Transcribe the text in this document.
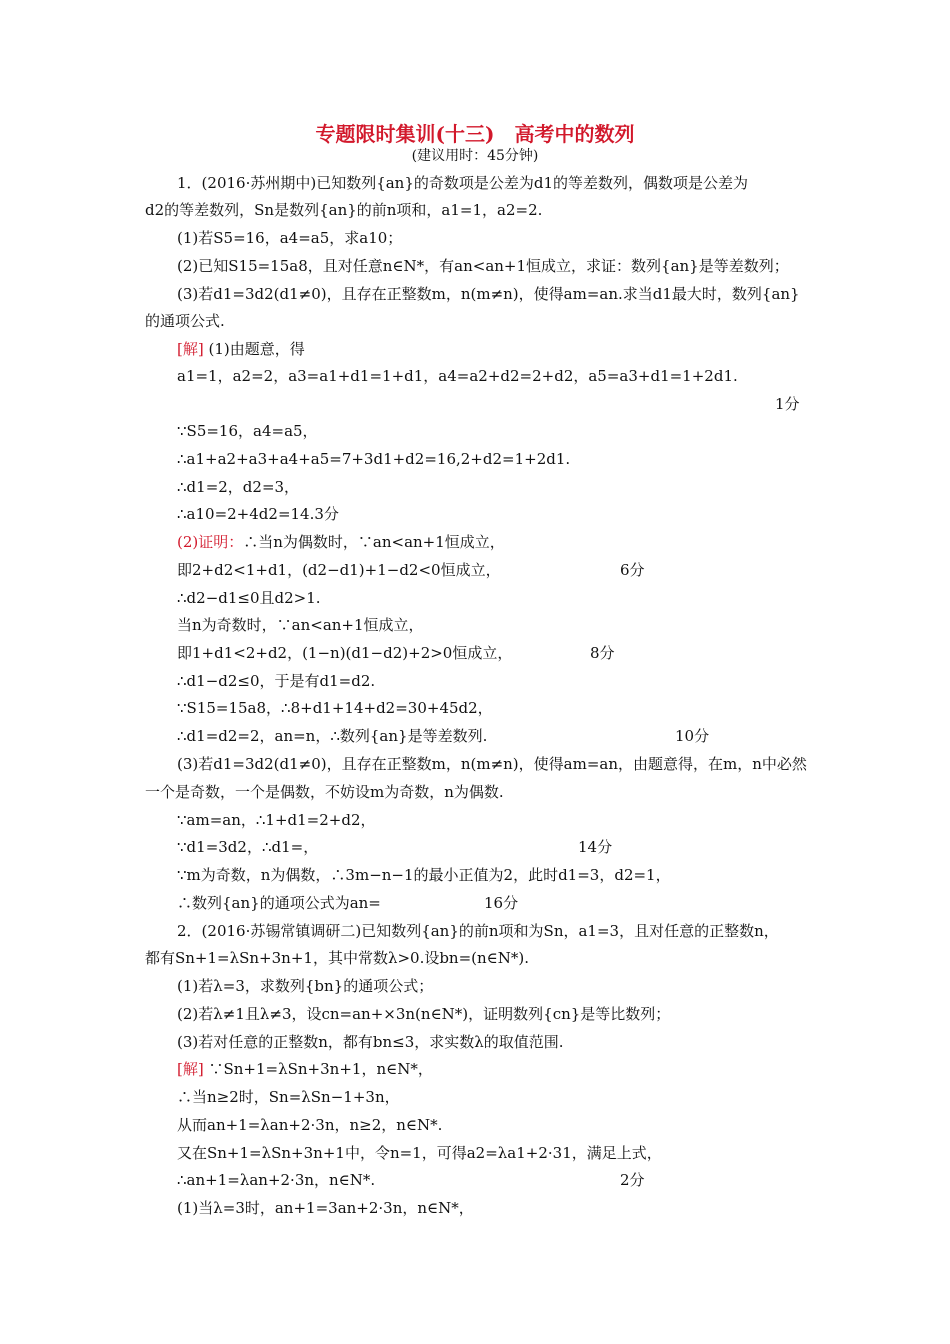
专题限时集训(十三)　高考中的数列
(建议用时：45分钟)
1．(2016·苏州期中)已知数列{an}的奇数项是公差为d1的等差数列，偶数项是公差为
d2的等差数列，Sn是数列{an}的前n项和，a1=1，a2=2.
(1)若S5=16，a4=a5，求a10；
(2)已知S15=15a8，且对任意n∈N*，有an<an+1恒成立，求证：数列{an}是等差数列；
(3)若d1=3d2(d1≠0)，且存在正整数m，n(m≠n)，使得am=an.求当d1最大时，数列{an}
的通项公式.
[解] (1)由题意，得
a1=1，a2=2，a3=a1+d1=1+d1，a4=a2+d2=2+d2，a5=a3+d1=1+2d1.
1分
∵S5=16，a4=a5，
∴a1+a2+a3+a4+a5=7+3d1+d2=16,2+d2=1+2d1.
∴d1=2，d2=3，
∴a10=2+4d2=14.3分
(2)证明：∴当n为偶数时，∵an<an+1恒成立，
即2+d2<1+d1，(d2−d1)+1−d2<0恒成立，	6分
∴d2−d1≤0且d2>1.
当n为奇数时，∵an<an+1恒成立，
即1+d1<2+d2，(1−n)(d1−d2)+2>0恒成立，	8分
∴d1−d2≤0，于是有d1=d2.
∵S15=15a8，∴8+d1+14+d2=30+45d2，
∴d1=d2=2，an=n，∴数列{an}是等差数列.	10分
(3)若d1=3d2(d1≠0)，且存在正整数m，n(m≠n)，使得am=an，由题意得，在m，n中必然
一个是奇数，一个是偶数，不妨设m为奇数，n为偶数.
∵am=an，∴1+d1=2+d2，
∵d1=3d2，∴d1=，	14分
∵m为奇数，n为偶数，∴3m−n−1的最小正值为2，此时d1=3，d2=1，
∴数列{an}的通项公式为an=	16分
2．(2016·苏锡常镇调研二)已知数列{an}的前n项和为Sn，a1=3，且对任意的正整数n，
都有Sn+1=λSn+3n+1，其中常数λ>0.设bn=(n∈N*).
(1)若λ=3，求数列{bn}的通项公式；
(2)若λ≠1且λ≠3，设cn=an+×3n(n∈N*)，证明数列{cn}是等比数列；
(3)若对任意的正整数n，都有bn≤3，求实数λ的取值范围.
[解] ∵Sn+1=λSn+3n+1，n∈N*，
∴当n≥2时，Sn=λSn−1+3n，
从而an+1=λan+2·3n，n≥2，n∈N*.
又在Sn+1=λSn+3n+1中，令n=1，可得a2=λa1+2·31，满足上式，
∴an+1=λan+2·3n，n∈N*.	2分
(1)当λ=3时，an+1=3an+2·3n，n∈N*，
